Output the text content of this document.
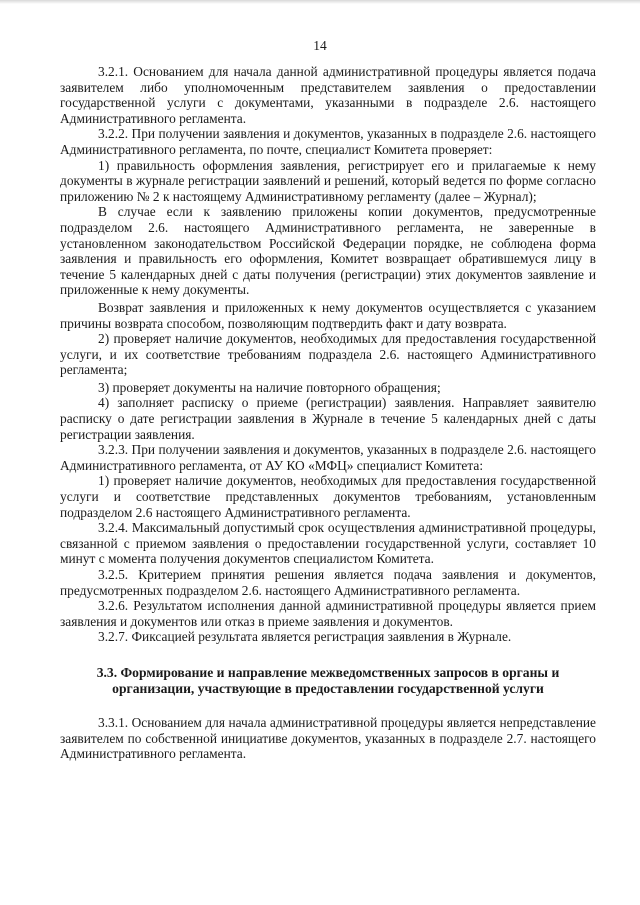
14

3.2.1. Основанием для начала данной административной процедуры является подача заявителем либо уполномоченным представителем заявления о предоставлении государственной услуги с документами, указанными в подразделе 2.6. настоящего Административного регламента.

3.2.2. При получении заявления и документов, указанных в подразделе 2.6. настоящего Административного регламента, по почте, специалист Комитета проверяет:

1) правильность оформления заявления, регистрирует его и прилагаемые к нему документы в журнале регистрации заявлений и решений, который ведется по форме согласно приложению № 2 к настоящему Административному регламенту (далее – Журнал);

В случае если к заявлению приложены копии документов, предусмотренные подразделом 2.6. настоящего Административного регламента, не заверенные в установленном законодательством Российской Федерации порядке, не соблюдена форма заявления и правильность его оформления, Комитет возвращает обратившемуся лицу в течение 5 календарных дней с даты получения (регистрации) этих документов заявление и приложенные к нему документы.

Возврат заявления и приложенных к нему документов осуществляется с указанием причины возврата способом, позволяющим подтвердить факт и дату возврата.

2) проверяет наличие документов, необходимых для предоставления государственной услуги, и их соответствие требованиям подраздела 2.6. настоящего Административного регламента;

3) проверяет документы на наличие повторного обращения;

4) заполняет расписку о приеме (регистрации) заявления. Направляет заявителю расписку о дате регистрации заявления в Журнале в течение 5 календарных дней с даты регистрации заявления.

3.2.3. При получении заявления и документов, указанных в подразделе 2.6. настоящего Административного регламента, от АУ КО «МФЦ» специалист Комитета:

1) проверяет наличие документов, необходимых для предоставления государственной услуги и соответствие представленных документов требованиям, установленным подразделом 2.6 настоящего Административного регламента.

3.2.4. Максимальный допустимый срок осуществления административной процедуры, связанной с приемом заявления о предоставлении государственной услуги, составляет 10 минут с момента получения документов специалистом Комитета.

3.2.5. Критерием принятия решения является подача заявления и документов, предусмотренных подразделом 2.6. настоящего Административного регламента.

3.2.6. Результатом исполнения данной административной процедуры является прием заявления и документов или отказ в приеме заявления и документов.

3.2.7. Фиксацией результата является регистрация заявления в Журнале.

3.3. Формирование и направление межведомственных запросов в органы и организации, участвующие в предоставлении государственной услуги

3.3.1. Основанием для начала административной процедуры является непредставление заявителем по собственной инициативе документов, указанных в подразделе 2.7. настоящего Административного регламента.
